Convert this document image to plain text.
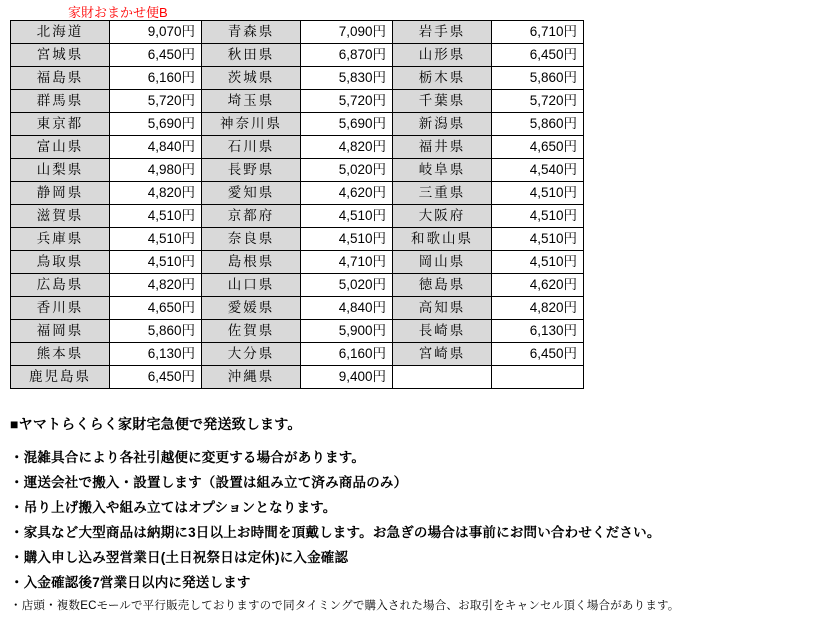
家財おまかせ便B
北海道	9,070円	青森県	7,090円	岩手県	6,710円
宮城県	6,450円	秋田県	6,870円	山形県	6,450円
福島県	6,160円	茨城県	5,830円	栃木県	5,860円
群馬県	5,720円	埼玉県	5,720円	千葉県	5,720円
東京都	5,690円	神奈川県	5,690円	新潟県	5,860円
富山県	4,840円	石川県	4,820円	福井県	4,650円
山梨県	4,980円	長野県	5,020円	岐阜県	4,540円
静岡県	4,820円	愛知県	4,620円	三重県	4,510円
滋賀県	4,510円	京都府	4,510円	大阪府	4,510円
兵庫県	4,510円	奈良県	4,510円	和歌山県	4,510円
鳥取県	4,510円	島根県	4,710円	岡山県	4,510円
広島県	4,820円	山口県	5,020円	徳島県	4,620円
香川県	4,650円	愛媛県	4,840円	高知県	4,820円
福岡県	5,860円	佐賀県	5,900円	長崎県	6,130円
熊本県	6,130円	大分県	6,160円	宮崎県	6,450円
鹿児島県	6,450円	沖縄県	9,400円		

■ヤマトらくらく家財宅急便で発送致します。

・混雑具合により各社引越便に変更する場合があります。

・運送会社で搬入・設置します（設置は組み立て済み商品のみ）

・吊り上げ搬入や組み立てはオプションとなります。

・家具など大型商品は納期に3日以上お時間を頂戴します。お急ぎの場合は事前にお問い合わせください。

・購入申し込み翌営業日(土日祝祭日は定休)に入金確認

・入金確認後7営業日以内に発送します

・店頭・複数ECモールで平行販売しておりますので同タイミングで購入された場合、お取引をキャンセル頂く場合があります。
